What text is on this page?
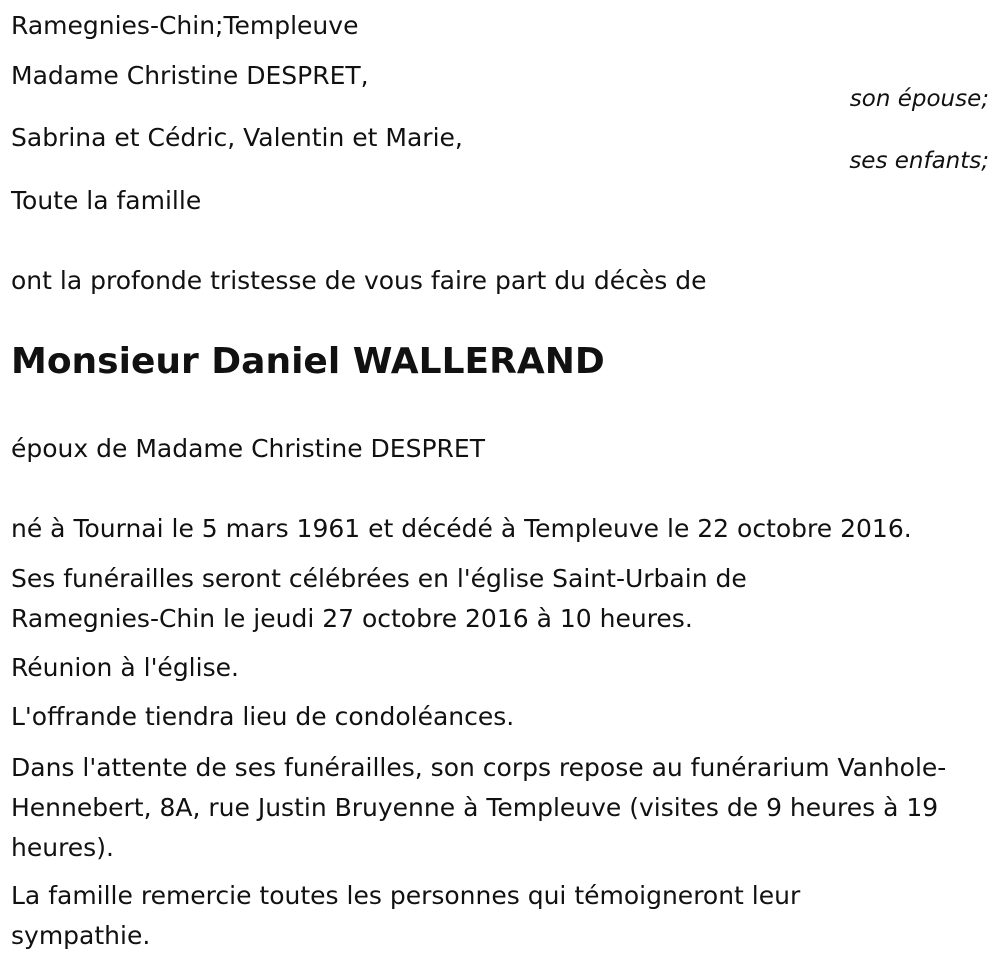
Ramegnies-Chin;Templeuve

Madame Christine DESPRET,

son épouse;

Sabrina et Cédric, Valentin et Marie,

ses enfants;

Toute la famille

ont la profonde tristesse de vous faire part du décès de

Monsieur Daniel WALLERAND

époux de Madame Christine DESPRET

né à Tournai le 5 mars 1961 et décédé à Templeuve le 22 octobre 2016.

Ses funérailles seront célébrées en l'église Saint-Urbain de Ramegnies-Chin le jeudi 27 octobre 2016 à 10 heures.

Réunion à l'église.

L'offrande tiendra lieu de condoléances.

Dans l'attente de ses funérailles, son corps repose au funérarium Vanhole-Hennebert, 8A, rue Justin Bruyenne à Templeuve (visites de 9 heures à 19 heures).

La famille remercie toutes les personnes qui témoigneront leur sympathie.
